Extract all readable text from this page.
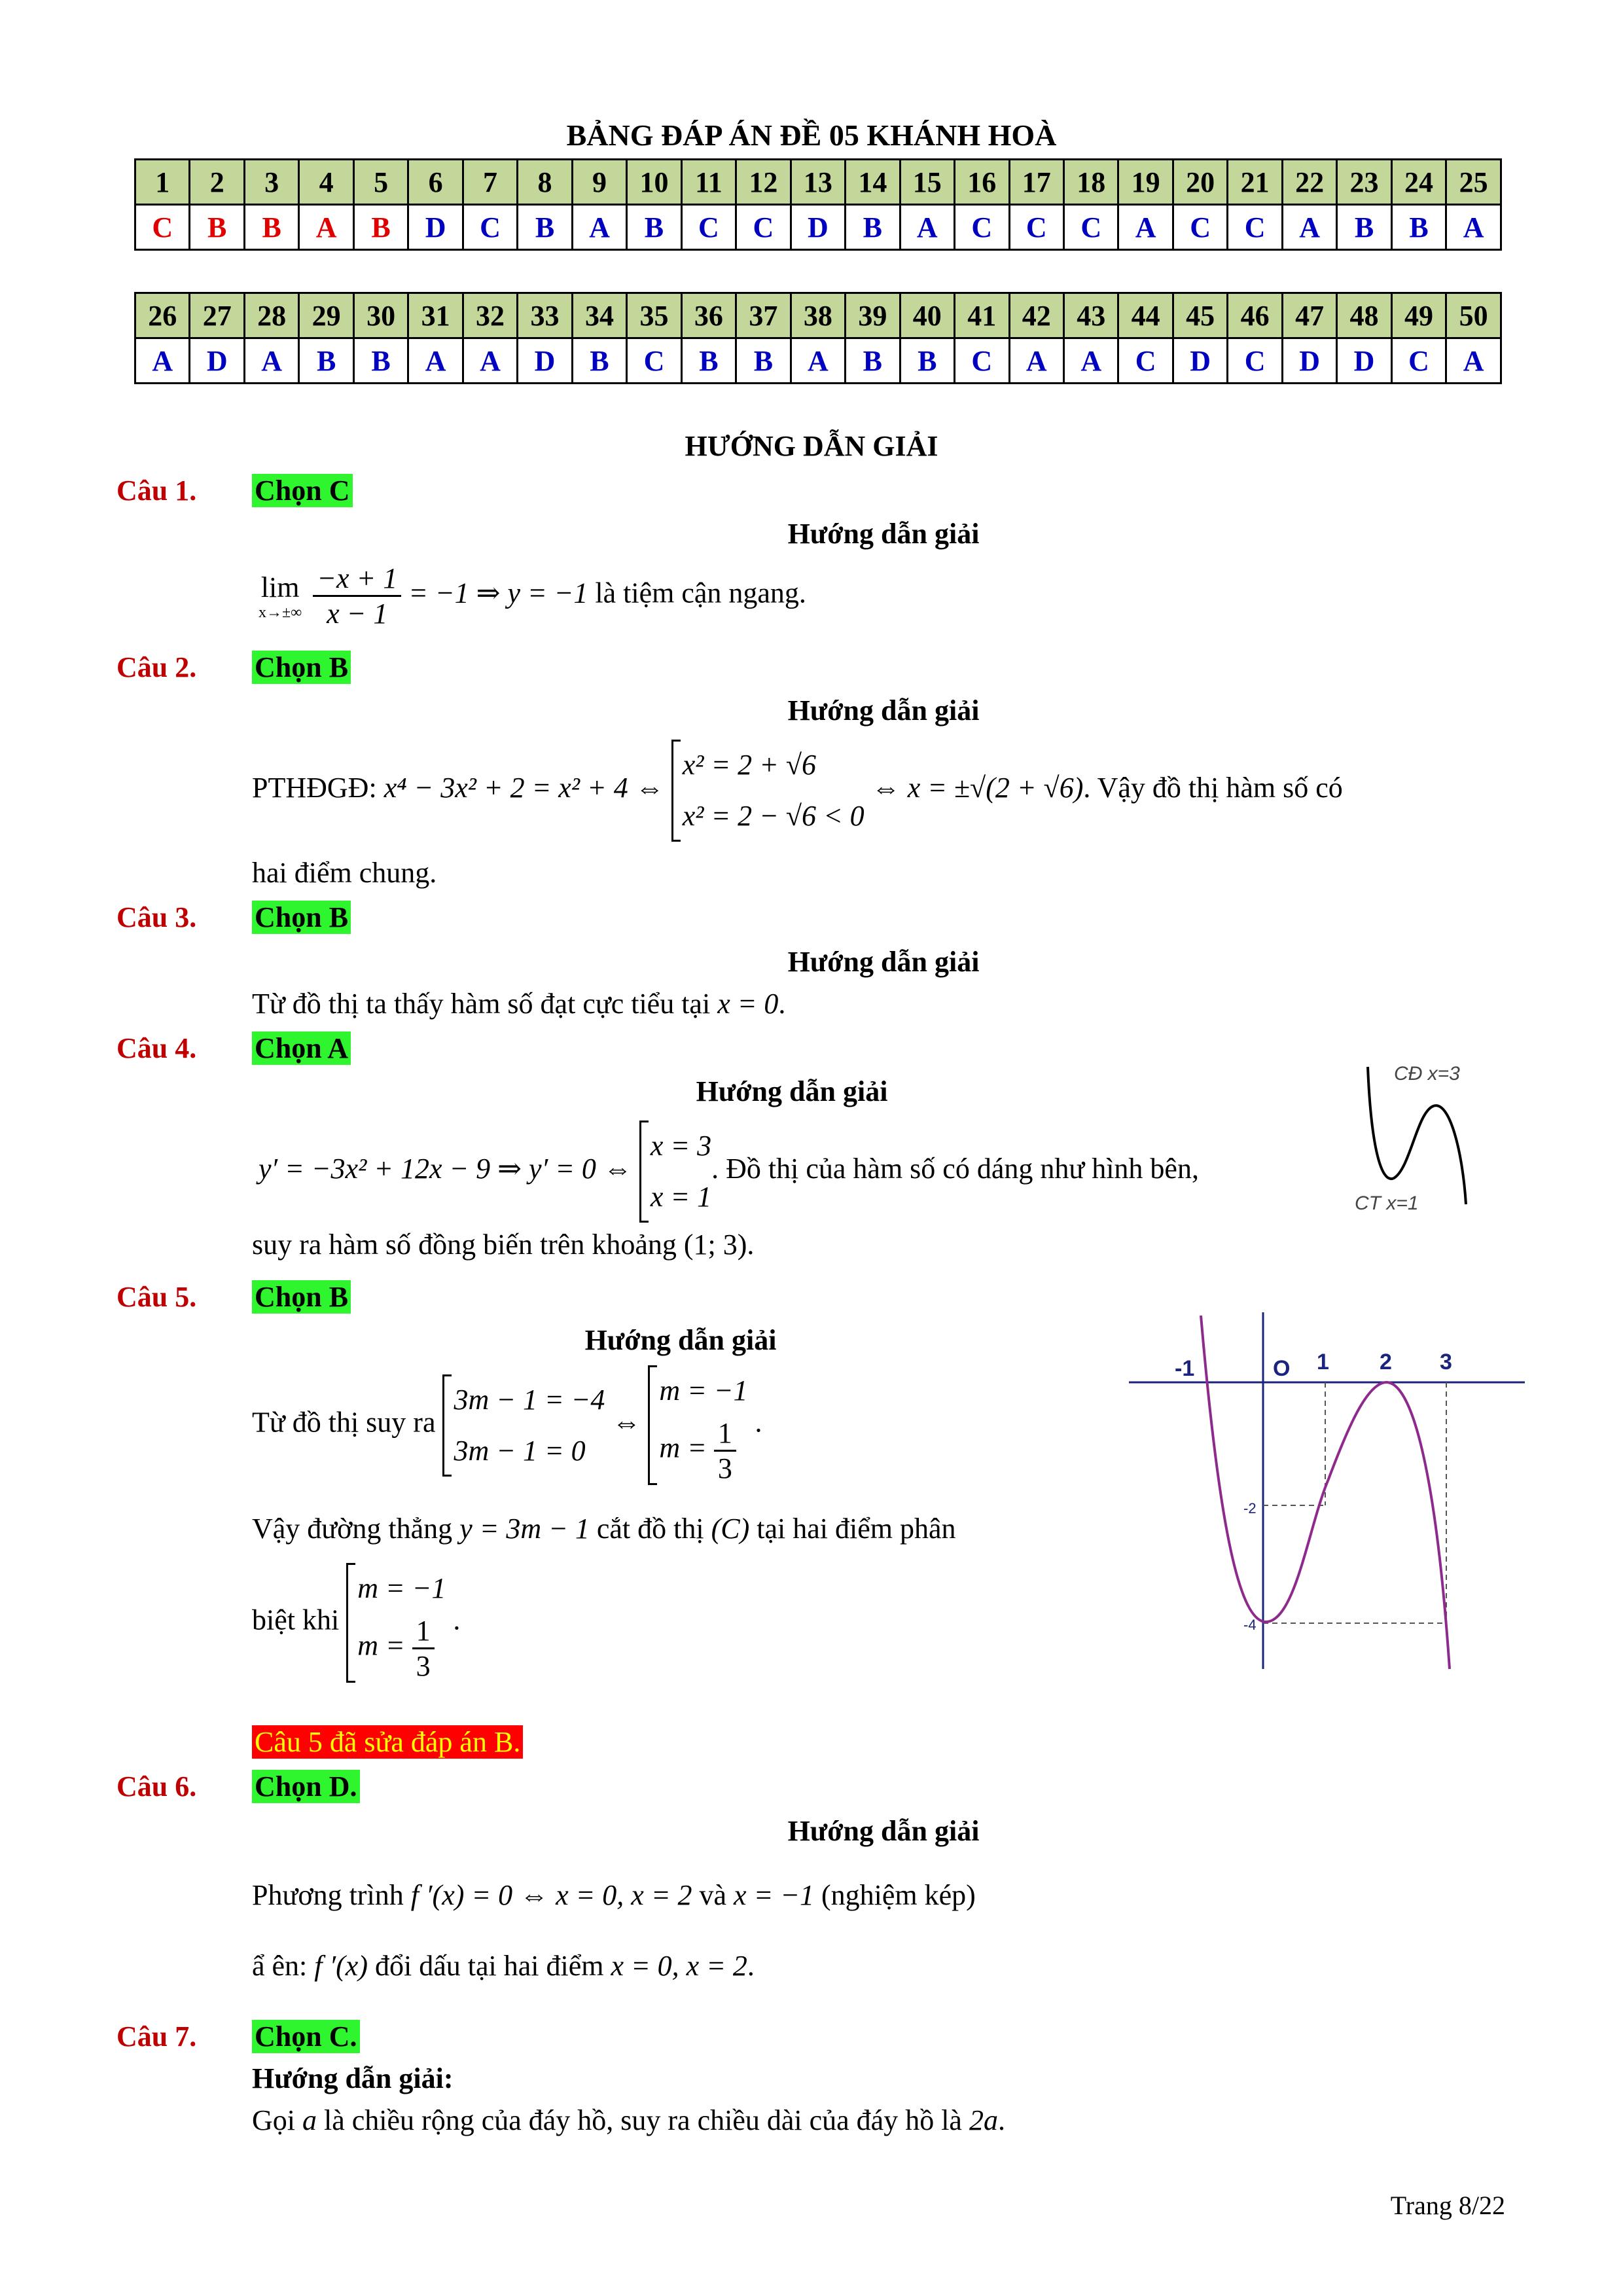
BẢNG ĐÁP ÁN ĐỀ 05 KHÁNH HOÀ
1	2	3	4	5	6	7	8	9	10	11	12	13	14	15	16	17	18	19	20	21	22	23	24	25
C	B	B	A	B	D	C	B	A	B	C	C	D	B	A	C	C	C	A	C	C	A	B	B	A
26	27	28	29	30	31	32	33	34	35	36	37	38	39	40	41	42	43	44	45	46	47	48	49	50
A	D	A	B	B	A	A	D	B	C	B	B	A	B	B	C	A	A	C	D	C	D	D	C	A
HƯỚNG DẪN GIẢI
Câu 1. Chọn C
Hướng dẫn giải
lim
x→±∞
$\frac{-x + 1}{x - 1} = -1$ ⇒ y = −1 là tiệm cận ngang.
Câu 2. Chọn B
Hướng dẫn giải
PTHĐGĐ: x⁴ − 3x² + 2 = x² + 4 ⇔
x² = 2 + √6
x² = 2 − √6 < 0
⇔ x = ±√(2 + √6). Vậy đồ thị hàm số có
hai điểm chung.
Câu 3. Chọn B
Hướng dẫn giải
Từ đồ thị ta thấy hàm số đạt cực tiểu tại x = 0.
Câu 4. Chọn A
Hướng dẫn giải
y′ = −3x² + 12x − 9 ⇒ y′ = 0 ⇔
x = 3
x = 1
. Đồ thị của hàm số có dáng như hình bên,
suy ra hàm số đồng biến trên khoảng (1; 3).
CĐ x=3
CT x=1
Câu 5. Chọn B
Hướng dẫn giải
Từ đồ thị suy ra
3m − 1 = −4
3m − 1 = 0
⇔
m = −1
$m = \frac{1}{3}$ .
Vậy đường thẳng y = 3m − 1 cắt đồ thị (C) tại hai điểm phân
biệt khi
m = −1
$m = \frac{1}{3}$ .
Câu 5 đã sửa đáp án B.
-1	O 1 2 3
-2
-4
Câu 6. Chọn D.
Hướng dẫn giải
Phương trình f ′(x) = 0 ⇔ x = 0, x = 2 và x = −1 (nghiệm kép)
ẩ ên: f ′(x) đổi dấu tại hai điểm x = 0, x = 2.
Câu 7. Chọn C.
Hướng dẫn giải:
Gọi a là chiều rộng của đáy hồ, suy ra chiều dài của đáy hồ là 2a.
Trang 8/22
